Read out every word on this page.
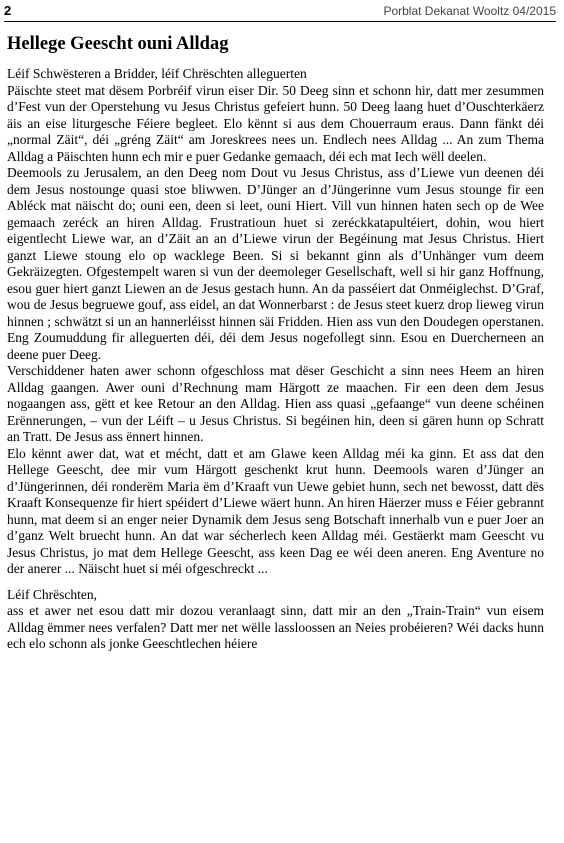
2	Porblat Dekanat Wooltz 04/2015
Hellege Geescht ouni Alldag

Léif Schwësteren a Bridder, léif Chrëschten alleguerten

Päischte steet mat dësem Porbréif virun eiser Dir. 50 Deeg sinn et schonn hir, datt mer zesummen d’Fest vun der Operstehung vu Jesus Christus gefeiert hunn. 50 Deeg laang huet d’Ouschterkäerz äis an eise liturgesche Féiere begleet. Elo kënnt si aus dem Chouerraum eraus. Dann fänkt déi „normal Zäit“, déi „gréng Zäit“ am Joreskrees nees un. Endlech nees Alldag ... An zum Thema Alldag a Päischten hunn ech mir e puer Gedanke gemaach, déi ech mat Iech wëll deelen.

Deemools zu Jerusalem, an den Deeg nom Dout vu Jesus Christus, ass d’Liewe vun deenen déi dem Jesus nostounge quasi stoe bliwwen. D’Jünger an d’Jüngerinne vum Jesus stounge fir een Abléck mat näischt do; ouni een, deen si leet, ouni Hiert. Vill vun hinnen haten sech op de Wee gemaach zeréck an hiren Alldag. Frustratioun huet si zeréckkatapultéiert, dohin, wou hiert eigentlecht Liewe war, an d’Zäit an an d’Liewe virun der Begéinung mat Jesus Christus. Hiert ganzt Liewe stoung elo op wacklege Been. Si si bekannt ginn als d’Unhänger vum deem Gekräizegten. Ofgestempelt waren si vun der deemoleger Gesellschaft, well si hir ganz Hoffnung, esou guer hiert ganzt Liewen an de Jesus gestach hunn. An da passéiert dat Onméiglechst. D’Graf, wou de Jesus begruewe gouf, ass eidel, an dat Wonnerbarst : de Jesus steet kuerz drop lieweg virun hinnen ; schwätzt si un an hannerléisst hinnen säi Fridden. Hien ass vun den Doudegen operstanen. Eng Zoumuddung fir alleguerten déi, déi dem Jesus nogefollegt sinn. Esou en Duercherneen an deene puer Deeg.

Verschiddener haten awer schonn ofgeschloss mat dëser Geschicht a sinn nees Heem an hiren Alldag gaangen. Awer ouni d’Rechnung mam Härgott ze maachen. Fir een deen dem Jesus nogaangen ass, gëtt et kee Retour an den Alldag. Hien ass quasi „gefaange“ vun deene schéinen Erënnerungen, – vun der Léift – u Jesus Christus. Si begéinen hin, deen si gären hunn op Schratt an Tratt. De Jesus ass ënnert hinnen.

Elo kënnt awer dat, wat et mécht, datt et am Glawe keen Alldag méi ka ginn. Et ass dat den Hellege Geescht, dee mir vum Härgott geschenkt krut hunn. Deemools waren d’Jünger an d’Jüngerinnen, déi ronderëm Maria ëm d’Kraaft vun Uewe gebiet hunn, sech net bewosst, datt dës Kraaft Konsequenze fir hiert spéidert d’Liewe wäert hunn. An hiren Häerzer muss e Féier gebrannt hunn, mat deem si an enger neier Dynamik dem Jesus seng Botschaft innerhalb vun e puer Joer an d’ganz Welt bruecht hunn. An dat war sécherlech keen Alldag méi. Gestäerkt mam Geescht vu Jesus Christus, jo mat dem Hellege Geescht, ass keen Dag ee wéi deen aneren. Eng Aventure no der anerer ... Näischt huet si méi ofgeschreckt ...

Léif Chrëschten,

ass et awer net esou datt mir dozou veranlaagt sinn, datt mir an den „Train-Train“ vun eisem Alldag ëmmer nees verfalen? Datt mer net wëlle lassloossen an Neies probéieren? Wéi dacks hunn ech elo schonn als jonke Geeschtlechen héiere
